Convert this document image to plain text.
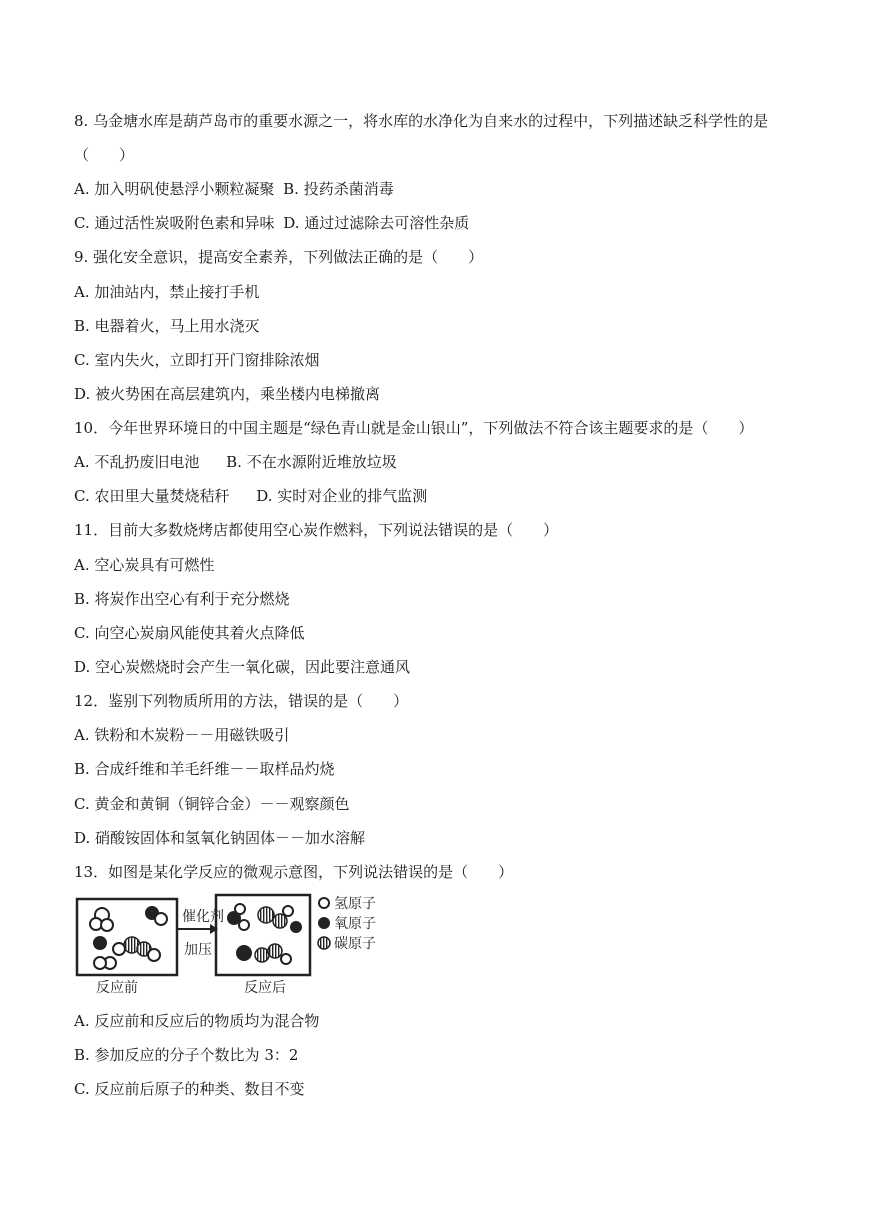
8. 乌金塘水库是葫芦岛市的重要水源之一，将水库的水净化为自来水的过程中，下列描述缺乏科学性的是
（　　）
A. 加入明矾使悬浮小颗粒凝聚 B. 投药杀菌消毒
C. 通过活性炭吸附色素和异味 D. 通过过滤除去可溶性杂质
9. 强化安全意识，提高安全素养，下列做法正确的是（　　）
A. 加油站内，禁止接打手机
B. 电器着火，马上用水浇灭
C. 室内失火，立即打开门窗排除浓烟
D. 被火势困在高层建筑内，乘坐楼内电梯撤离
10．今年世界环境日的中国主题是“绿色青山就是金山银山”，下列做法不符合该主题要求的是（　　）
A. 不乱扔废旧电池 B. 不在水源附近堆放垃圾
C. 农田里大量焚烧秸秆 D. 实时对企业的排气监测
11．目前大多数烧烤店都使用空心炭作燃料，下列说法错误的是（　　）
A. 空心炭具有可燃性
B. 将炭作出空心有利于充分燃烧
C. 向空心炭扇风能使其着火点降低
D. 空心炭燃烧时会产生一氧化碳，因此要注意通风
12．鉴别下列物质所用的方法，错误的是（　　）
A. 铁粉和木炭粉－－用磁铁吸引
B. 合成纤维和羊毛纤维－－取样品灼烧
C. 黄金和黄铜（铜锌合金）－－观察颜色
D. 硝酸铵固体和氢氧化钠固体－－加水溶解
13．如图是某化学反应的微观示意图，下列说法错误的是（　　）
催化剂
加压
反应前	反应后
氢原子
氧原子
碳原子
A. 反应前和反应后的物质均为混合物
B. 参加反应的分子个数比为 3：2
C. 反应前后原子的种类、数目不变
